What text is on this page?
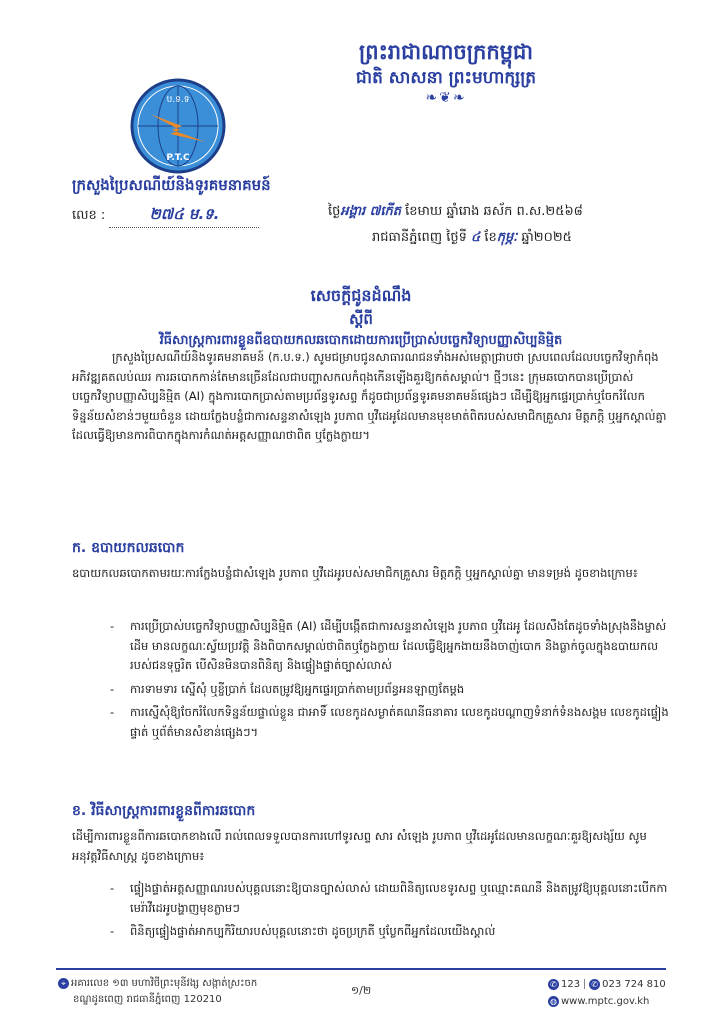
ព្រះរាជាណាចក្រកម្ពុជា
ជាតិ សាសនា ព្រះមហាក្សត្រ
❧❦❧
ប.ទ.ទ
P.T.C
ក្រសួងប្រៃសណីយ៍និងទូរគមនាគមន៍
លេខ :	២៧៤ ម.ទ.	ថ្ងៃអង្គារ ៧កើត ខែមាឃ ឆ្នាំរោង ឆស័ក ព.ស.២៥៦៨
រាជធានីភ្នំពេញ ថ្ងៃទី ៤ ខែកុម្ភៈ ឆ្នាំ២០២៥
សេចក្តីជូនដំណឹង
ស្តីពី
វិធីសាស្ត្រការពារខ្លួនពីឧបាយកលឆបោកដោយការប្រើប្រាស់បច្ចេកវិទ្យាបញ្ញាសិប្បនិម្មិត
ក្រសួងប្រៃសណីយ៍និងទូរគមនាគមន៍ (ក.ប.ទ.) សូមជម្រាបជូនសាធារណជនទាំងអស់មេត្តាជ្រាបថា ស្របពេលដែលបច្ចេកវិទ្យាកំពុងអភិវឌ្ឍគតលប់ឈរ ការឆបោកកាន់តែមានច្រើនដែលជាបញ្ហាសកលកំពុងកើនឡើងគួរឱ្យកត់សម្គាល់។ ថ្មីៗនេះ ក្រុមឆបោកបានប្រើប្រាស់បច្ចេកវិទ្យាបញ្ញាសិប្បនិម្មិត (AI) ក្នុងការបោកប្រាស់តាមប្រព័ន្ធទូរសព្ទ ក៏ដូចជាប្រព័ន្ធទូរគមនាគមន៍ផ្សេងៗ ដើម្បីឱ្យអ្នកផ្ទេរប្រាក់ឬចែករំលែកទិន្នន័យសំខាន់ៗមួយចំនួន ដោយក្លែងបន្លំជាការសន្ទនាសំឡេង រូបភាព ឬវីដេអូដែលមានមុខមាត់ពិតរបស់សមាជិកគ្រួសារ មិត្តភក្តិ ឬអ្នកស្គាល់គ្នាដែលធ្វើឱ្យមានការពិបាកក្នុងការកំណត់អត្តសញ្ញាណថាពិត ឬក្លែងក្លាយ។
ក. ឧបាយកលឆបោក
ឧបាយកលឆបោកតាមរយៈការក្លែងបន្លំជាសំឡេង រូបភាព ឬវីដេអូរបស់សមាជិកគ្រួសារ មិត្តភក្តិ ឬអ្នកស្គាល់គ្នា មានទម្រង់ ដូចខាងក្រោម៖
- ការប្រើប្រាស់បច្ចេកវិទ្យាបញ្ញាសិប្បនិម្មិត (AI) ដើម្បីបង្កើតជាការសន្ទនាសំឡេង រូបភាព ឬវីដេអូ ដែលសឹងតែដូចទាំងស្រុងនឹងម្ចាស់ដើម មានលក្ខណៈស្វ័យប្រវត្តិ និងពិបាកសម្គាល់ថាពិតឬក្លែងក្លាយ ដែលធ្វើឱ្យអ្នកងាយនឹងចាញ់បោក និងធ្លាក់ចូលក្នុងឧបាយកលរបស់ជនទុច្ចរិត បើសិនមិនបានពិនិត្យ និងផ្ទៀងផ្ទាត់ច្បាស់លាស់
- ការទាមទារ ស្នើសុំ ឬខ្ចីប្រាក់ ដែលតម្រូវឱ្យអ្នកផ្ទេរប្រាក់តាមប្រព័ន្ធអនឡាញតែម្តង
- ការស្នើសុំឱ្យចែករំលែកទិន្នន័យផ្ទាល់ខ្លួន ជាអាទិ៍ លេខកូដសម្ងាត់គណនីធនាគារ លេខកូដបណ្តាញទំនាក់ទំនងសង្គម លេខកូដផ្ទៀងផ្ទាត់ ឬព័ត៌មានសំខាន់ផ្សេងៗ។
ខ. វិធីសាស្ត្រការពារខ្លួនពីការឆបោក
ដើម្បីការពារខ្លួនពីការឆបោកខាងលើ រាល់ពេលទទួលបានការហៅទូរសព្ទ សារ សំឡេង រូបភាព ឬវីដេអូដែលមានលក្ខណៈគួរឱ្យសង្ស័យ សូមអនុវត្តវិធីសាស្ត្រ ដូចខាងក្រោម៖
- ផ្ទៀងផ្ទាត់អត្តសញ្ញាណរបស់បុគ្គលនោះឱ្យបានច្បាស់លាស់ ដោយពិនិត្យលេខទូរសព្ទ ឬឈ្មោះគណនី និងតម្រូវឱ្យបុគ្គលនោះបើកកាមេរ៉ាវីដេអូបង្ហាញមុខភ្លាមៗ
- ពិនិត្យផ្ទៀងផ្ទាត់អាកប្បកិរិយារបស់បុគ្គលនោះថា ដូចប្រក្រតី ឬប្លែកពីអ្នកដែលយើងស្គាល់
⌖ អគារលេខ ១៣ មហាវិថីព្រះមុនីវង្ស សង្កាត់ស្រះចក
ខណ្ឌដូនពេញ រាជធានីភ្នំពេញ 120210
១/២	✆ 123 ✆ 023 724 810
◍ www.mptc.gov.kh
